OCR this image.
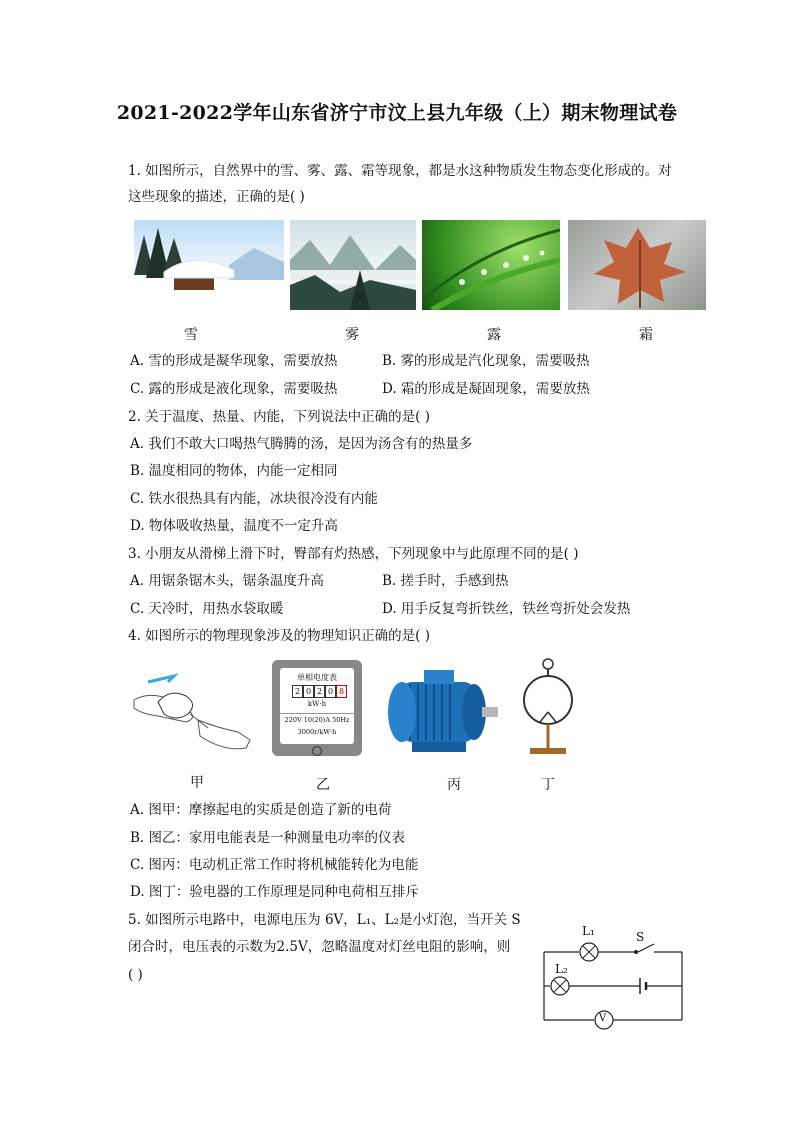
2021-2022学年山东省济宁市汶上县九年级（上）期末物理试卷
1. 如图所示，自然界中的雪、雾、露、霜等现象，都是水这种物质发生物态变化形成的。对
这些现象的描述，正确的是( )
雪	雾	露	霜
A. 雪的形成是凝华现象，需要放热	B. 雾的形成是汽化现象，需要吸热
C. 露的形成是液化现象，需要吸热	D. 霜的形成是凝固现象，需要放热
2. 关于温度、热量、内能，下列说法中正确的是( )
A. 我们不敢大口喝热气腾腾的汤，是因为汤含有的热量多
B. 温度相同的物体，内能一定相同
C. 铁水很热具有内能，冰块很冷没有内能
D. 物体吸收热量，温度不一定升高
3. 小朋友从滑梯上滑下时，臀部有灼热感，下列现象中与此原理不同的是( )
A. 用锯条锯木头，锯条温度升高	B. 搓手时，手感到热
C. 天冷时，用热水袋取暖	D. 用手反复弯折铁丝，铁丝弯折处会发热
4. 如图所示的物理现象涉及的物理知识正确的是( )
单相电度表
2 0 2 0 8
kW·h
220V 10(20)A 50Hz
3000r/kW·h
甲	乙	丙	丁
A. 图甲：摩擦起电的实质是创造了新的电荷
B. 图乙：家用电能表是一种测量电功率的仪表
C. 图丙：电动机正常工作时将机械能转化为电能
D. 图丁：验电器的工作原理是同种电荷相互排斥
5. 如图所示电路中，电源电压为 6V，L₁、L₂是小灯泡，当开关 S
闭合时，电压表的示数为2.5V，忽略温度对灯丝电阻的影响，则
( )
L₁	S
L₂
V
